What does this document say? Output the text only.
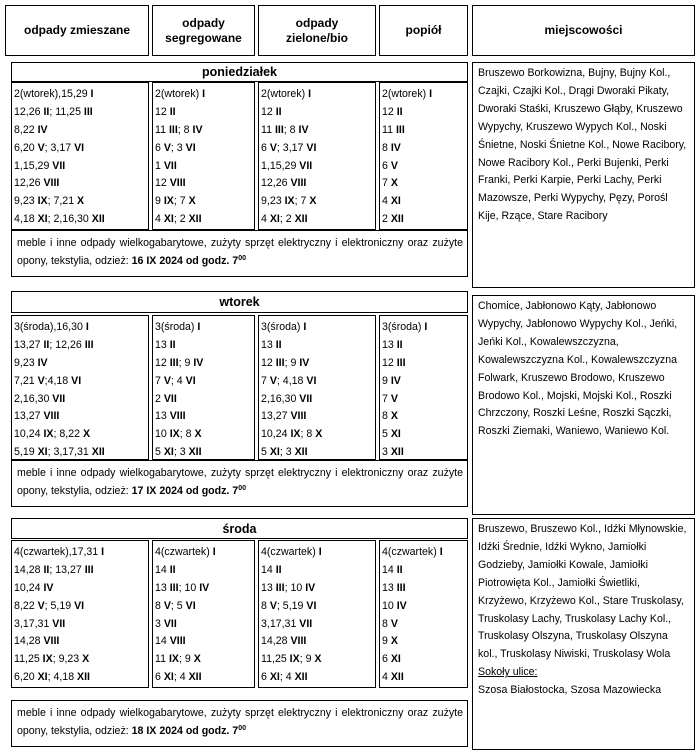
odpady zmieszane
odpady segregowane
odpady zielone/bio
popiół	miejscowości
poniedziałek
2(wtorek),15,29 I
12,26 II; 11,25 III
8,22 IV
6,20 V; 3,17 VI
1,15,29 VII
12,26 VIII
9,23 IX; 7,21 X
4,18 XI; 2,16,30 XII
2(wtorek) I
12 II
11 III; 8 IV
6 V; 3 VI
1 VII
12 VIII
9 IX; 7 X
4 XI; 2 XII
2(wtorek) I
12 II
11 III; 8 IV
6 V; 3,17 VI
1,15,29 VII
12,26 VIII
9,23 IX; 7 X
4 XI; 2 XII
2(wtorek) I
12 II
11 III
8 IV
6 V
7 X
4 XI
2 XII
meble i inne odpady wielkogabarytowe, zużyty sprzęt elektryczny i elektroniczny oraz zużyte opony, tekstylia, odzież: 16 IX 2024 od godz. $7^{00}$
Bruszewo Borkowizna, Bujny, Bujny Kol., Czajki, Czajki Kol., Drągi Dworaki Pikaty, Dworaki Staśki, Kruszewo Głąby, Kruszewo Wypychy, Kruszewo Wypych Kol., Noski Śnietne, Noski Śnietne Kol., Nowe Racibory, Nowe Racibory Kol., Perki Bujenki, Perki Franki, Perki Karpie, Perki Lachy, Perki Mazowsze, Perki Wypychy, Pęzy, Porośl Kije, Rzące, Stare Racibory
wtorek
3(środa),16,30 I
13,27 II; 12,26 III
9,23 IV
7,21 V;4,18 VI
2,16,30 VII
13,27 VIII
10,24 IX; 8,22 X
5,19 XI; 3,17,31 XII
3(środa) I
13 II
12 III; 9 IV
7 V; 4 VI
2 VII
13 VIII
10 IX; 8 X
5 XI; 3 XII
3(środa) I
13 II
12 III; 9 IV
7 V; 4,18 VI
2,16,30 VII
13,27 VIII
10,24 IX; 8 X
5 XI; 3 XII
3(środa) I
13 II
12 III
9 IV
7 V
8 X
5 XI
3 XII
meble i inne odpady wielkogabarytowe, zużyty sprzęt elektryczny i elektroniczny oraz zużyte opony, tekstylia, odzież: 17 IX 2024 od godz. $7^{00}$
Chomice, Jabłonowo Kąty, Jabłonowo Wypychy, Jabłonowo Wypychy Kol., Jeńki, Jeńki Kol., Kowalewszczyzna, Kowalewszczyzna Kol., Kowalewszczyzna Folwark, Kruszewo Brodowo, Kruszewo Brodowo Kol., Mojski, Mojski Kol., Roszki Chrzczony, Roszki Leśne, Roszki Sączki, Roszki Ziemaki, Waniewo, Waniewo Kol.
środa
4(czwartek),17,31 I
14,28 II; 13,27 III
10,24 IV
8,22 V; 5,19 VI
3,17,31 VII
14,28 VIII
11,25 IX; 9,23 X
6,20 XI; 4,18 XII
4(czwartek) I
14 II
13 III; 10 IV
8 V; 5 VI
3 VII
14 VIII
11 IX; 9 X
6 XI; 4 XII
4(czwartek) I
14 II
13 III; 10 IV
8 V; 5,19 VI
3,17,31 VII
14,28 VIII
11,25 IX; 9 X
6 XI; 4 XII
4(czwartek) I
14 II
13 III
10 IV
8 V
9 X
6 XI
4 XII
meble i inne odpady wielkogabarytowe, zużyty sprzęt elektryczny i elektroniczny oraz zużyte opony, tekstylia, odzież: 18 IX 2024 od godz. $7^{00}$
Bruszewo, Bruszewo Kol., Idźki Młynowskie, Idźki Średnie, Idźki Wykno, Jamiołki Godzieby, Jamiołki Kowale, Jamiołki Piotrowięta Kol., Jamiołki Świetliki, Krzyżewo, Krzyżewo Kol., Stare Truskolasy, Truskolasy Lachy, Truskolasy Lachy Kol., Truskolasy Olszyna, Truskolasy Olszyna kol., Truskolasy Niwiski, Truskolasy Wola
Sokoły ulice:
Szosa Białostocka, Szosa Mazowiecka
